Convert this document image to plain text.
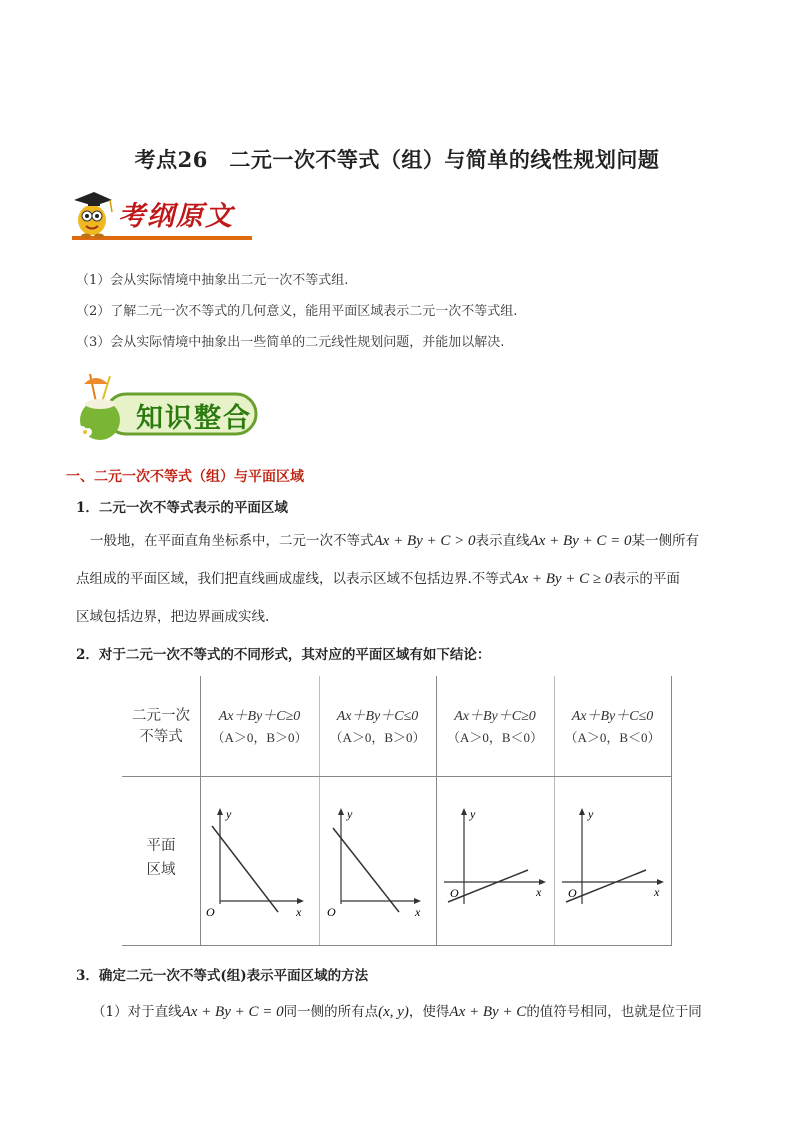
考点26　二元一次不等式（组）与简单的线性规划问题
考纲原文
（1）会从实际情境中抽象出二元一次不等式组.
（2）了解二元一次不等式的几何意义，能用平面区域表示二元一次不等式组.
（3）会从实际情境中抽象出一些简单的二元线性规划问题，并能加以解决.
知识整合
一、二元一次不等式（组）与平面区域
1．二元一次不等式表示的平面区域
一般地，在平面直角坐标系中，二元一次不等式Ax + By + C > 0表示直线Ax + By + C = 0某一侧所有
点组成的平面区域，我们把直线画成虚线，以表示区域不包括边界.不等式Ax + By + C ≥ 0表示的平面
区域包括边界，把边界画成实线.
2．对于二元一次不等式的不同形式，其对应的平面区域有如下结论：
二元一次
不等式
平面
区域
Ax＋By＋C≥0
（A＞0，B＞0）
Ax＋By＋C≤0
（A＞0，B＞0）
Ax＋By＋C≥0
（A＞0，B＜0）
Ax＋By＋C≤0
（A＞0，B＜0）
y
x
O
y
x
O
y
x
O
y
x
O
3．确定二元一次不等式(组)表示平面区域的方法
（1）对于直线Ax + By + C = 0同一侧的所有点(x, y)，使得Ax + By + C的值符号相同，也就是位于同
